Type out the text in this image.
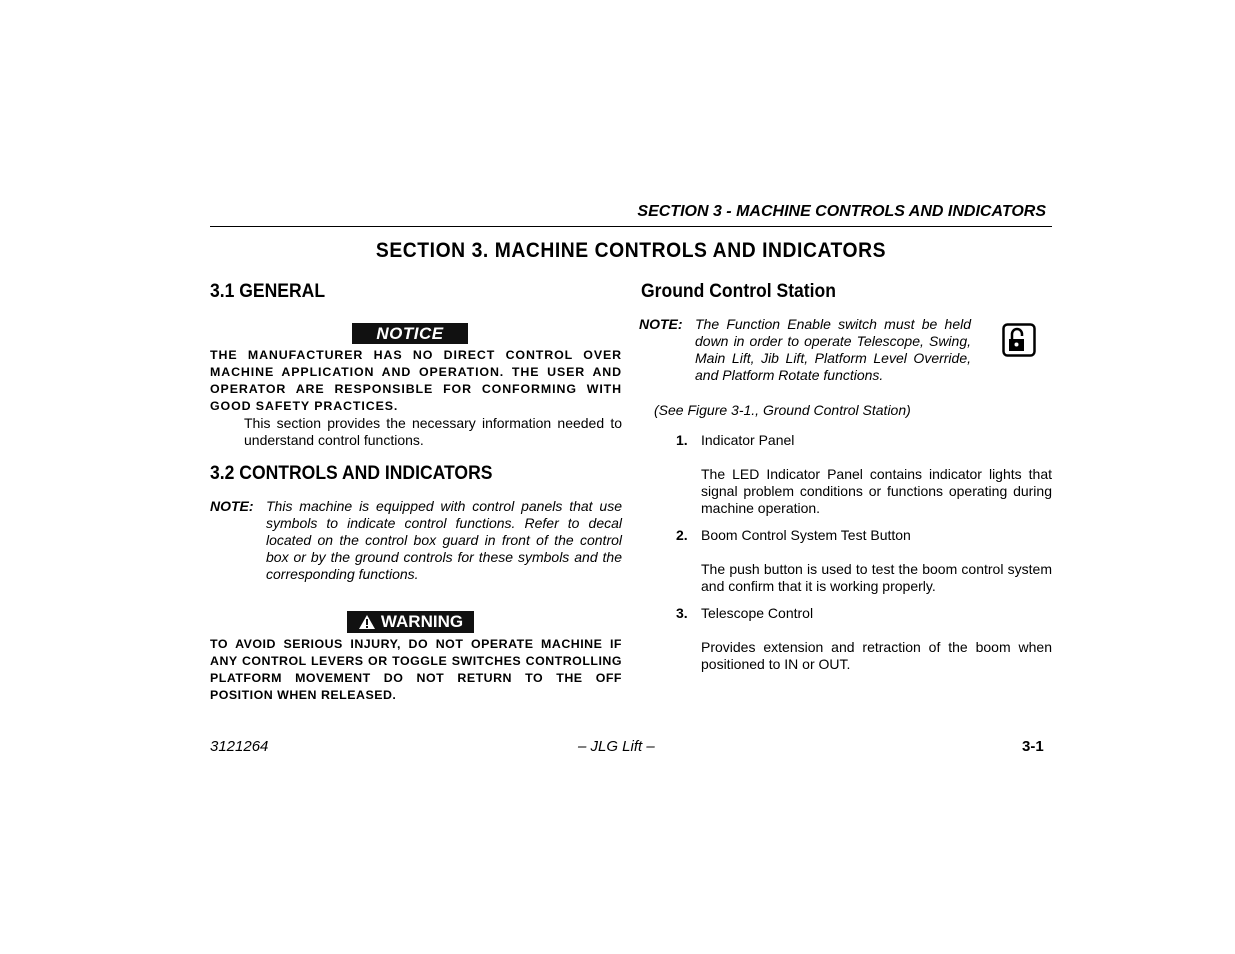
SECTION 3 - MACHINE CONTROLS AND INDICATORS
SECTION 3. MACHINE CONTROLS AND INDICATORS
3.1 GENERAL
NOTICE
THE MANUFACTURER HAS NO DIRECT CONTROL OVER MACHINE APPLICATION AND OPERATION. THE USER AND OPERATOR ARE RESPONSIBLE FOR CONFORMING WITH GOOD SAFETY PRACTICES.
This section provides the necessary information needed to understand control functions.
3.2 CONTROLS AND INDICATORS
NOTE: This machine is equipped with control panels that use symbols to indicate control functions. Refer to decal located on the control box guard in front of the control box or by the ground controls for these symbols and the corresponding functions.
WARNING
TO AVOID SERIOUS INJURY, DO NOT OPERATE MACHINE IF ANY CONTROL LEVERS OR TOGGLE SWITCHES CONTROLLING PLATFORM MOVEMENT DO NOT RETURN TO THE OFF POSITION WHEN RELEASED.
Ground Control Station
NOTE: The Function Enable switch must be held down in order to operate Telescope, Swing, Main Lift, Jib Lift, Platform Level Override, and Platform Rotate functions.
(See Figure 3-1., Ground Control Station)
1. Indicator Panel
The LED Indicator Panel contains indicator lights that signal problem conditions or functions operating during machine operation.
2. Boom Control System Test Button
The push button is used to test the boom control system and confirm that it is working properly.
3. Telescope Control
Provides extension and retraction of the boom when positioned to IN or OUT.
3121264	– JLG Lift –	3-1
